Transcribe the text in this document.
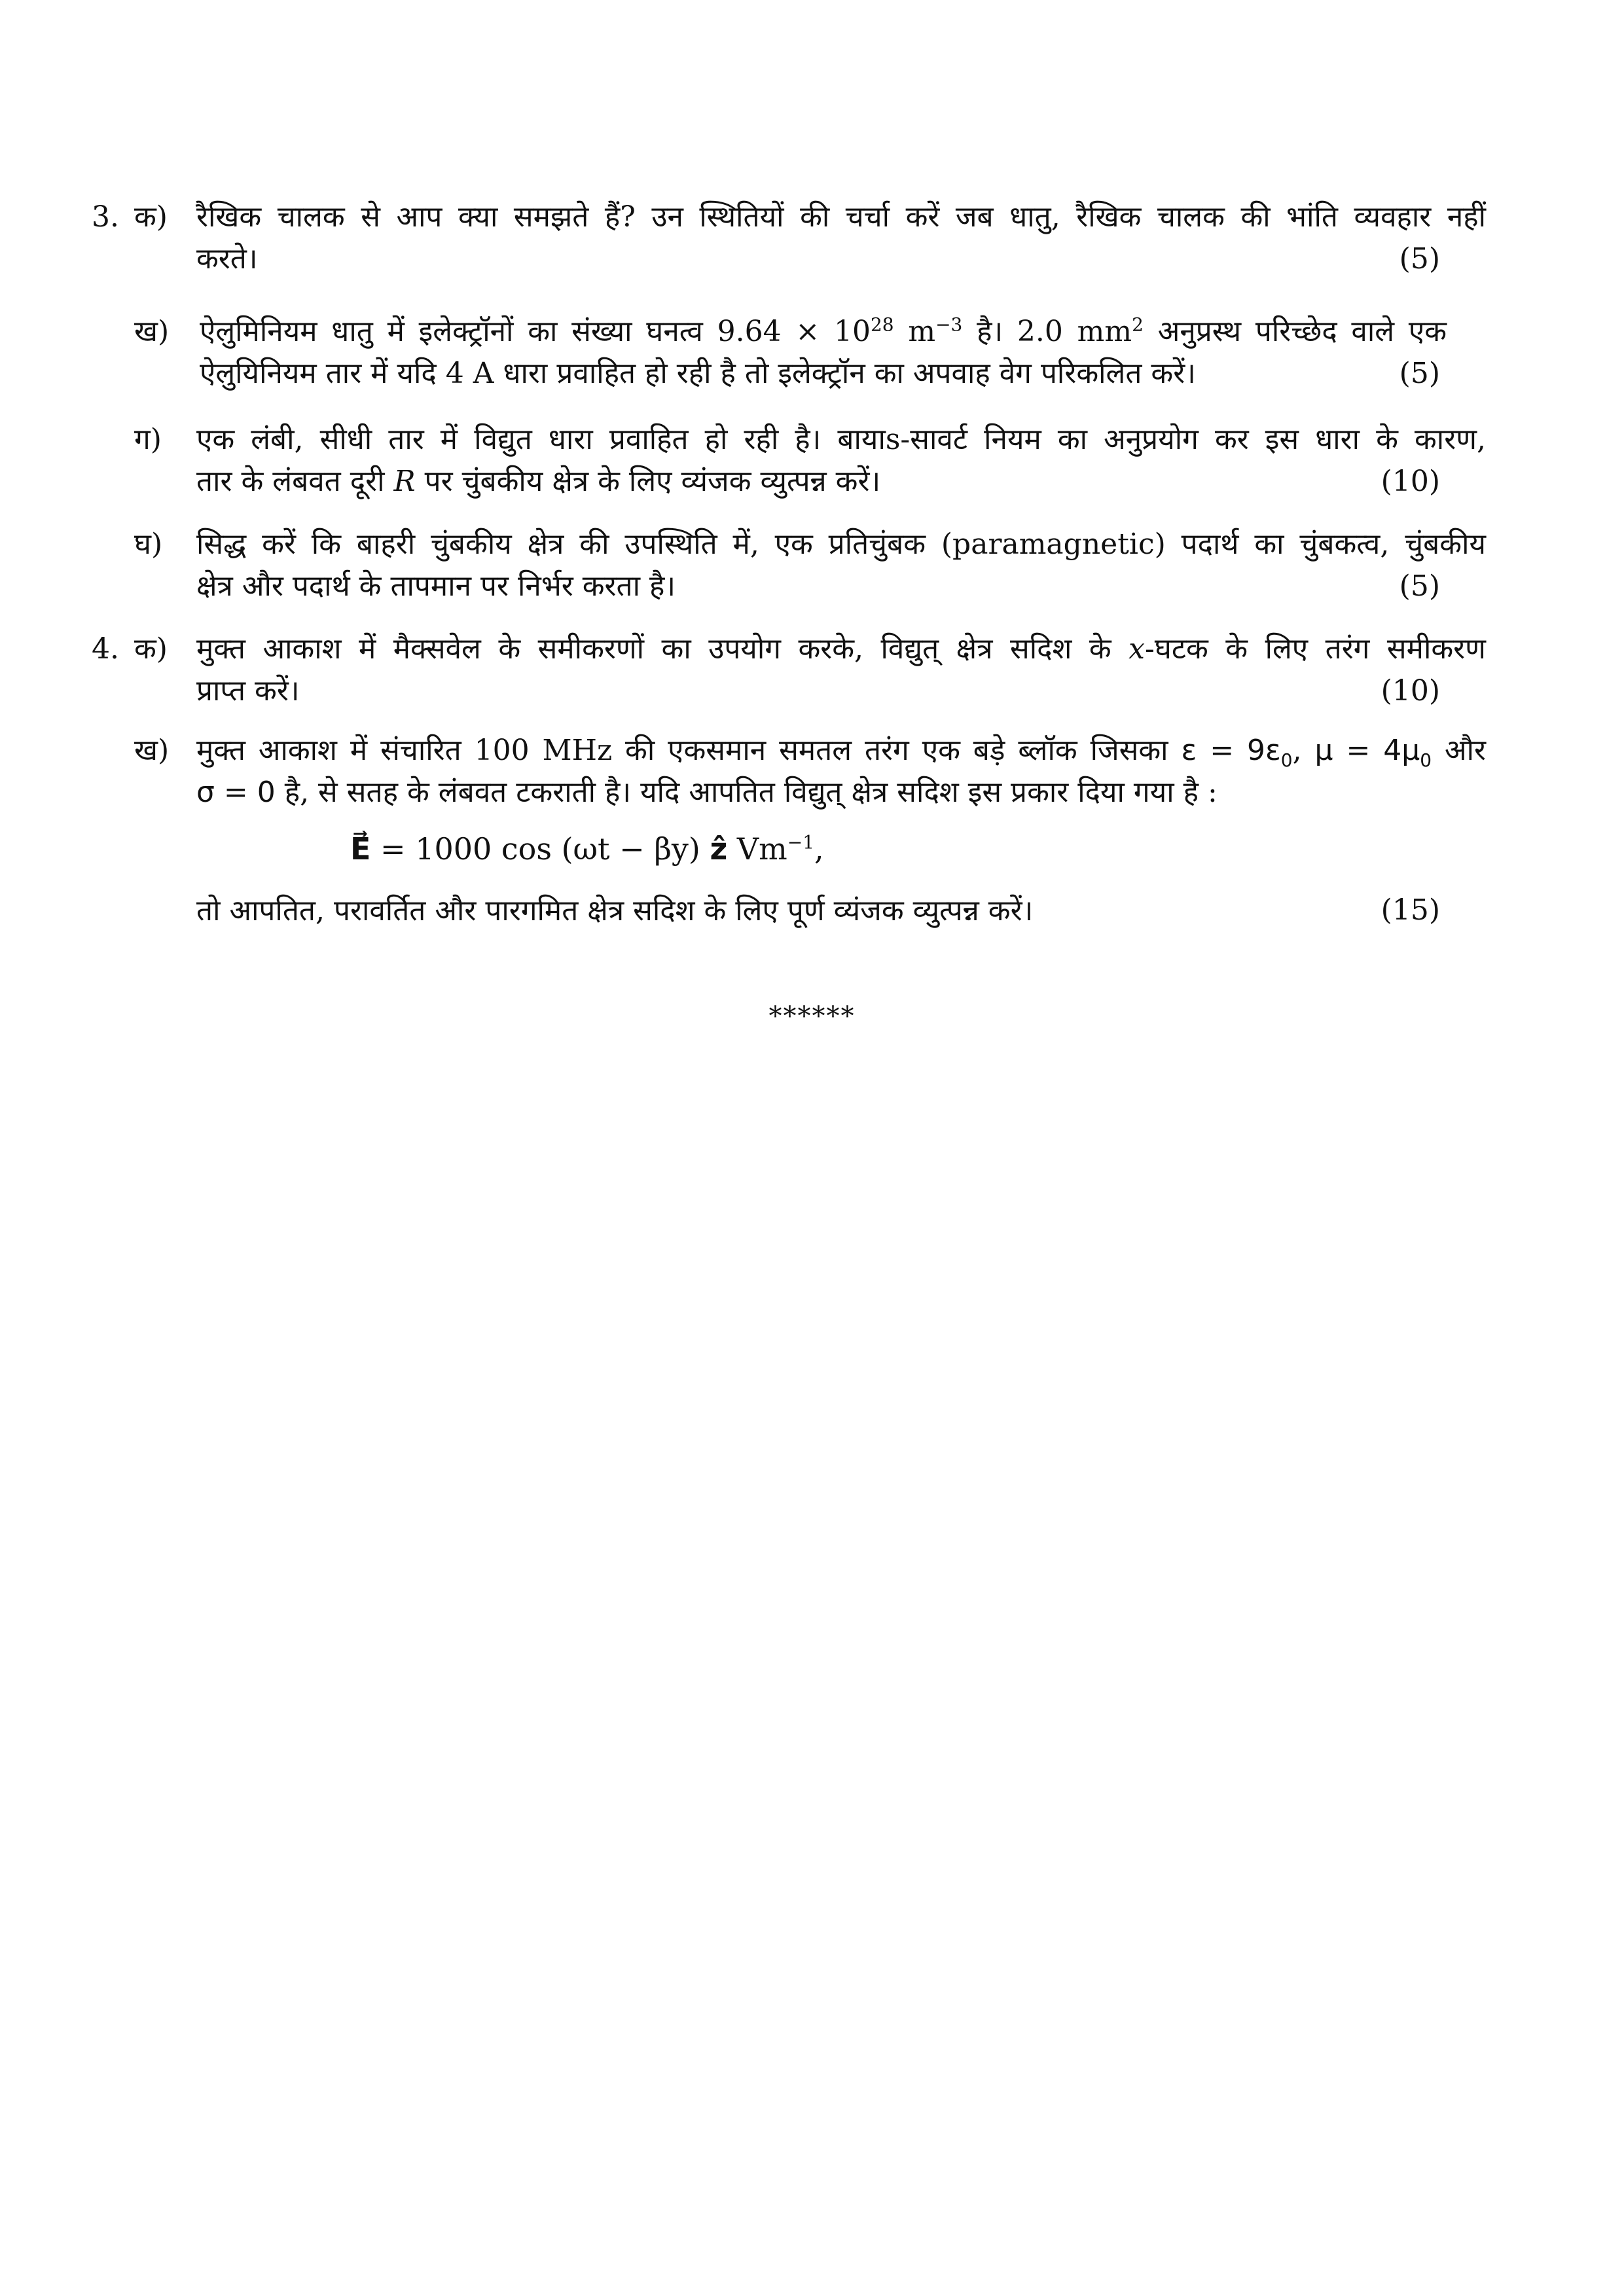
3. क)	रैखिक चालक से आप क्या समझते हैं? उन स्थितियों की चर्चा करें जब धातु, रैखिक चालक की भांति व्यवहार नहीं
करते।	(5)
ख)	ऐलुमिनियम धातु में इलेक्ट्रॉनों का संख्या घनत्व $9.64 \times 10^{28}$ $m^{-3}$ है। 2.0 $mm^2$ अनुप्रस्थ परिच्छेद वाले एक
ऐलुयिनियम तार में यदि 4 A धारा प्रवाहित हो रही है तो इलेक्ट्रॉन का अपवाह वेग परिकलित करें।	(5)
ग)	एक लंबी, सीधी तार में विद्युत धारा प्रवाहित हो रही है। बायाs-सावर्ट नियम का अनुप्रयोग कर इस धारा के कारण,
तार के लंबवत दूरी R पर चुंबकीय क्षेत्र के लिए व्यंजक व्युत्पन्न करें।	(10)
घ)	सिद्ध करें कि बाहरी चुंबकीय क्षेत्र की उपस्थिति में, एक प्रतिचुंबक (paramagnetic) पदार्थ का चुंबकत्व, चुंबकीय
क्षेत्र और पदार्थ के तापमान पर निर्भर करता है।	(5)
4. क)	मुक्त आकाश में मैक्सवेल के समीकरणों का उपयोग करके, विद्युत् क्षेत्र सदिश के x-घटक के लिए तरंग समीकरण
प्राप्त करें।	(10)
ख) मुक्त आकाश में संचारित 100 MHz की एकसमान समतल तरंग एक बड़े ब्लॉक जिसका $\varepsilon = 9\varepsilon_0$, $\mu = 4\mu_0$ और
σ = 0 है, से सतह के लंबवत टकराती है। यदि आपतित विद्युत् क्षेत्र सदिश इस प्रकार दिया गया है :
E⃗ = 1000 cos (ωt − βy) ẑ $Vm^{-1}$,
तो आपतित, परावर्तित और पारगमित क्षेत्र सदिश के लिए पूर्ण व्यंजक व्युत्पन्न करें।	(15)
******
